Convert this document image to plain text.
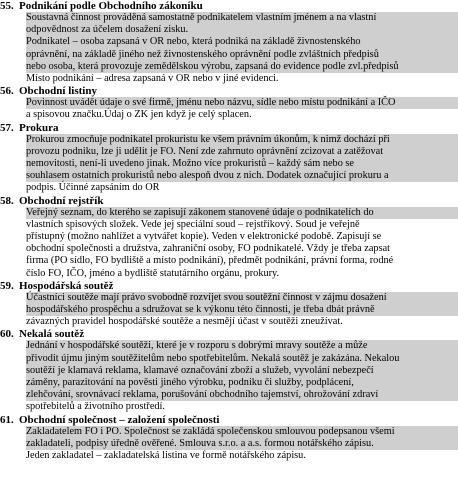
55. Podnikání podle Obchodního zákoníku
Soustavná činnost prováděná samostatně podnikatelem vlastním jménem a na vlastní
odpovědnost za účelem dosažení zisku.
Podnikatel – osoba zapsaná v OR nebo, která podniká na základě živnostenského
oprávnění, na základě jiného než živnostenského oprávnění podle zvláštních předpisů
nebo osoba, která provozuje zemědělskou výrobu, zapsaná do evidence podle zvl.předpisů
Místo podnikání – adresa zapsaná v OR nebo v jiné evidenci.
56. Obchodní listiny
Povinnost uvádět údaje o své firmě, jménu nebo názvu, sídle nebo místu podnikání a IČO
a spisovou značku.Údaj o ZK jen když je celý splacen.
57. Prokura
Prokurou zmocňuje podnikatel prokuristu ke všem právním úkonům, k nimž dochází při
provozu podniku, lze ji udělit je FO. Není zde zahrnuto oprávnění zcizovat a zatěžovat
nemovitosti, není-li uvedeno jinak. Možno více prokuristů – každý sám nebo se
souhlasem ostatních prokuristů nebo alespoň dvou z nich. Dodatek označující prokuru a
podpis. Účinné zapsáním do OR
58. Obchodní rejstřík
Veřejný seznam, do kterého se zapisují zákonem stanovené údaje o podnikatelích do
vlastních spisových složek. Vede jej speciální soud – rejstříkový. Soud je veřejně
přístupný (možno nahlížet a vytvářet kopie). Veden v elektronické podobě. Zapisují se
obchodní společnosti a družstva, zahraniční osoby, FO podnikatelé. Vždy je třeba zapsat
firma (PO sídlo, FO bydliště a místo podnikání), předmět podnikání, právní forma, rodné
číslo FO, IČO, jméno a bydliště statutárního orgánu, prokury.
59. Hospodářská soutěž
Účastníci soutěže mají právo svobodně rozvíjet svou soutěžní činnost v zájmu dosažení
hospodářského prospěchu a sdružovat se k výkonu této činnosti, je třeba dbát právně
závazných pravidel hospodářské soutěže a nesmějí účast v soutěži zneužívat.
60. Nekalá soutěž
Jednání v hospodářské soutěži, které je v rozporu s dobrými mravy soutěže a může
přivodit újmu jiným soutěžitelům nebo spotřebitelům. Nekalá soutěž je zakázána. Nekalou
soutěží je klamavá reklama, klamavé označování zboží a služeb, vyvolání nebezpečí
záměny, parazitování na pověsti jiného výrobku, podniku či služby, podplácení,
zlehčování, srovnávací reklama, porušování obchodního tajemství, ohrožování zdraví
spotřebitelů a životního prostředí.
61. Obchodní společnost – založení společnosti
Zakladatelem FO i PO. Společnost se zakládá společenskou smlouvou podepsanou všemi
zakladateli, podpisy úředně ověřené. Smlouva s.r.o. a a.s. formou notářského zápisu.
Jeden zakladatel – zakladatelská listina ve formě notářského zápisu.
